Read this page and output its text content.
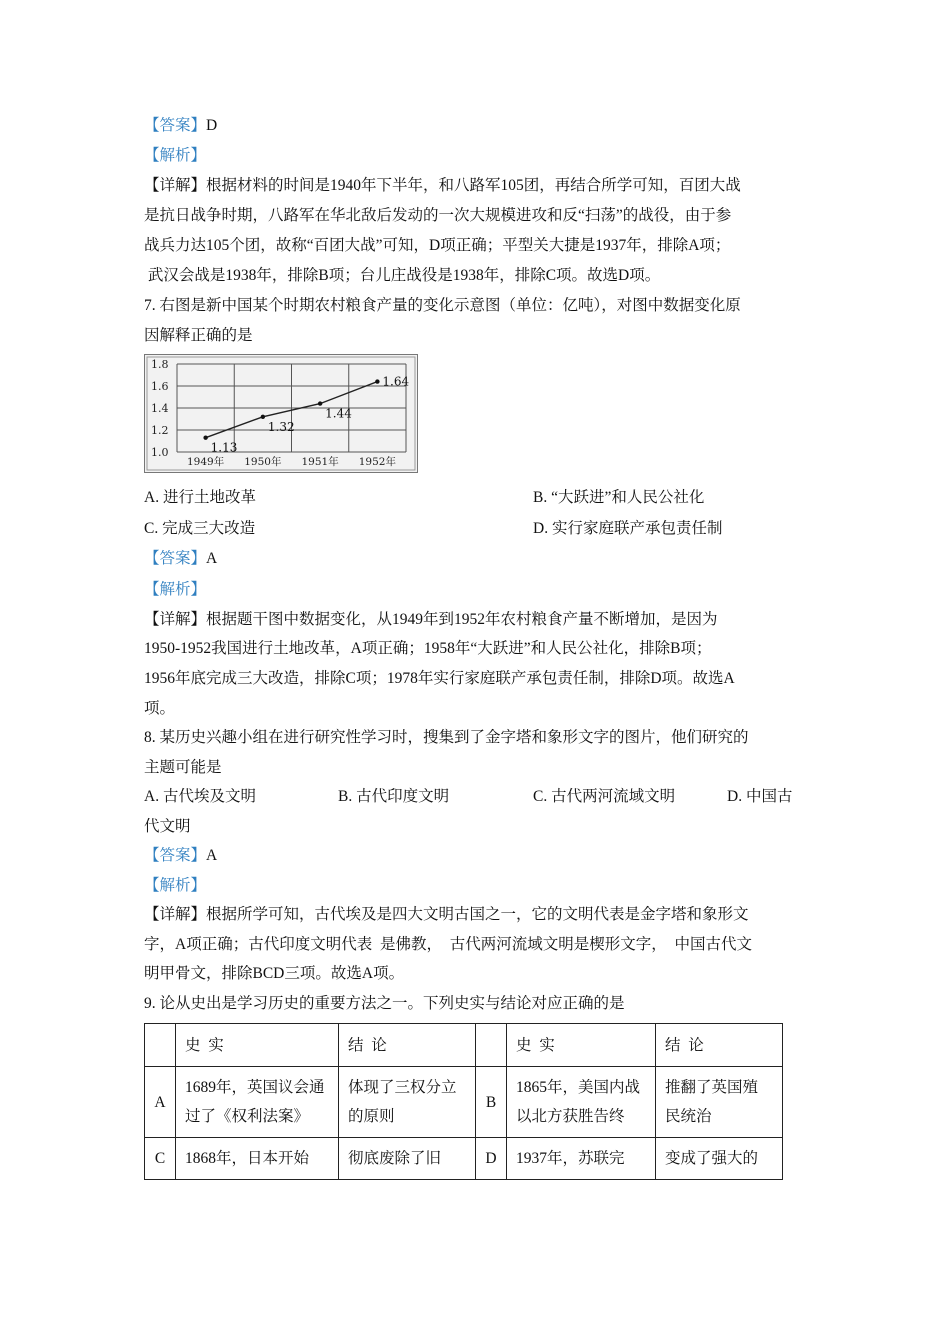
【答案】D
【解析】
【详解】根据材料的时间是1940年下半年，和八路军105团，再结合所学可知，百团大战
是抗日战争时期，八路军在华北敌后发动的一次大规模进攻和反“扫荡”的战役，由于参
战兵力达105个团，故称“百团大战”可知，D项正确；平型关大捷是1937年，排除A项；
武汉会战是1938年，排除B项；台儿庄战役是1938年，排除C项。故选D项。
7. 右图是新中国某个时期农村粮食产量的变化示意图（单位：亿吨），对图中数据变化原
因解释正确的是
1.0
1.2
1.4
1.6
1.8
1949年 1950年 1951年 1952年
1.13
1.32
1.44
1.64
A. 进行土地改革	B. “大跃进”和人民公社化
C. 完成三大改造	D. 实行家庭联产承包责任制
【答案】A
【解析】
【详解】根据题干图中数据变化，从1949年到1952年农村粮食产量不断增加，是因为
1950-1952我国进行土地改革，A项正确；1958年“大跃进”和人民公社化，排除B项；
1956年底完成三大改造，排除C项；1978年实行家庭联产承包责任制，排除D项。故选A
项。
8. 某历史兴趣小组在进行研究性学习时，搜集到了金字塔和象形文字的图片，他们研究的
主题可能是
A. 古代埃及文明	B. 古代印度文明	C. 古代两河流域文明	D. 中国古
代文明
【答案】A
【解析】
【详解】根据所学可知，古代埃及是四大文明古国之一，它的文明代表是金字塔和象形文
字，A项正确；古代印度文明代表  是佛教，  古代两河流域文明是楔形文字，  中国古代文
明甲骨文，排除BCD三项。故选A项。
9. 论从史出是学习历史的重要方法之一。下列史实与结论对应正确的是
	史  实	结  论		史  实	结  论
A	1689年，英国议会通过了《权利法案》	体现了三权分立的原则	B	1865年，美国内战以北方获胜告终	推翻了英国殖民统治
C	1868年，日本开始	彻底废除了旧	D	1937年，苏联完	变成了强大的
